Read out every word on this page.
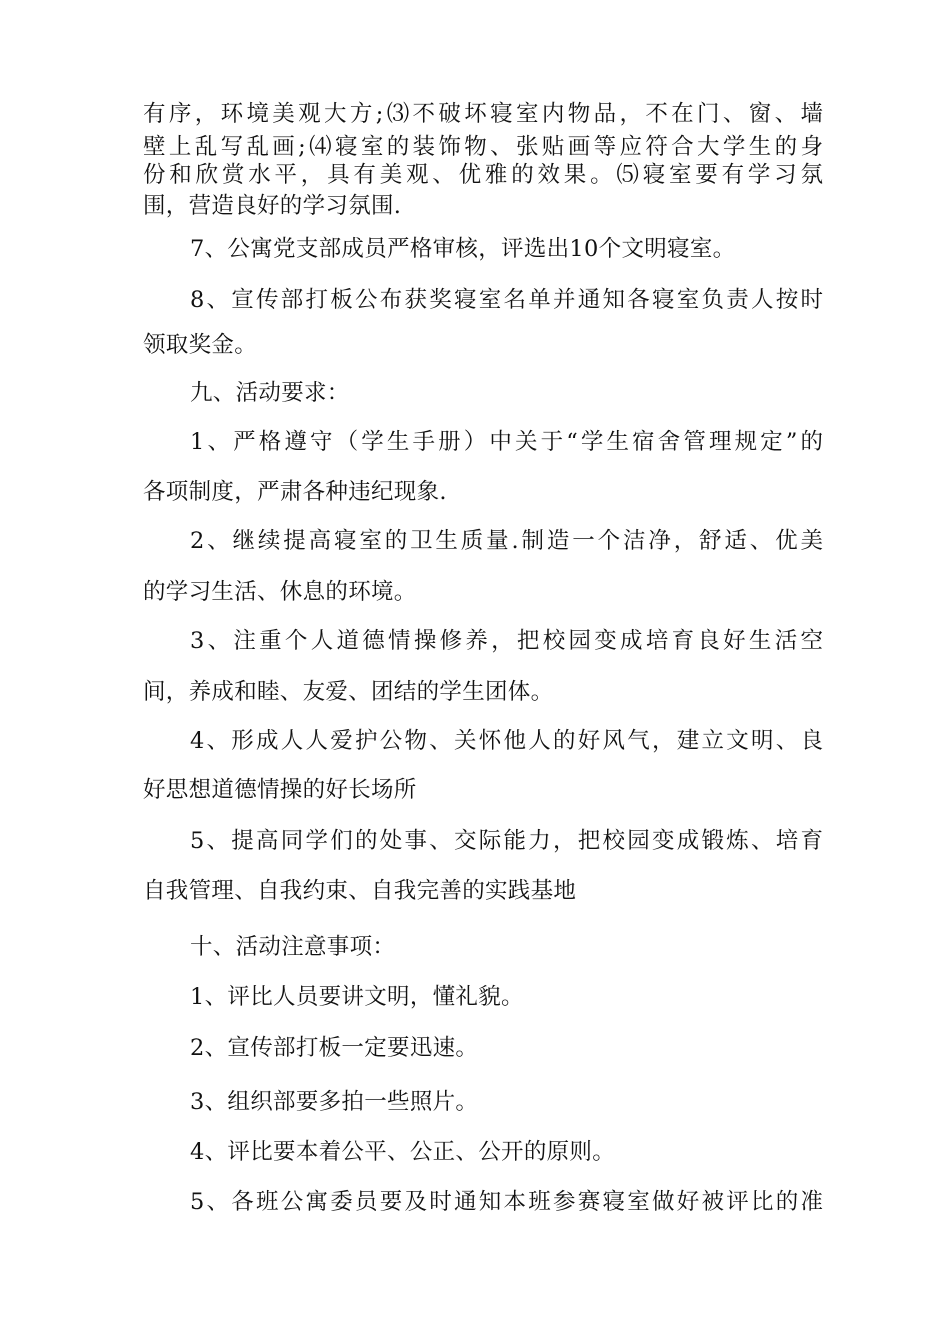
有序，环境美观大方;⑶不破坏寝室内物品，不在门、窗、墙
壁上乱写乱画;⑷寝室的装饰物、张贴画等应符合大学生的身
份和欣赏水平，具有美观、优雅的效果。⑸寝室要有学习氛
围，营造良好的学习氛围.
7、公寓党支部成员严格审核，评选出10个文明寝室。
8、宣传部打板公布获奖寝室名单并通知各寝室负责人按时
领取奖金。
九、活动要求：
1、严格遵守（学生手册）中关于“学生宿舍管理规定”的
各项制度，严肃各种违纪现象.
2、继续提高寝室的卫生质量.制造一个洁净，舒适、优美
的学习生活、休息的环境。
3、注重个人道德情操修养，把校园变成培育良好生活空
间，养成和睦、友爱、团结的学生团体。
4、形成人人爱护公物、关怀他人的好风气，建立文明、良
好思想道德情操的好长场所
5、提高同学们的处事、交际能力，把校园变成锻炼、培育
自我管理、自我约束、自我完善的实践基地
十、活动注意事项：
1、评比人员要讲文明，懂礼貌。
2、宣传部打板一定要迅速。
3、组织部要多拍一些照片。
4、评比要本着公平、公正、公开的原则。
5、各班公寓委员要及时通知本班参赛寝室做好被评比的准
